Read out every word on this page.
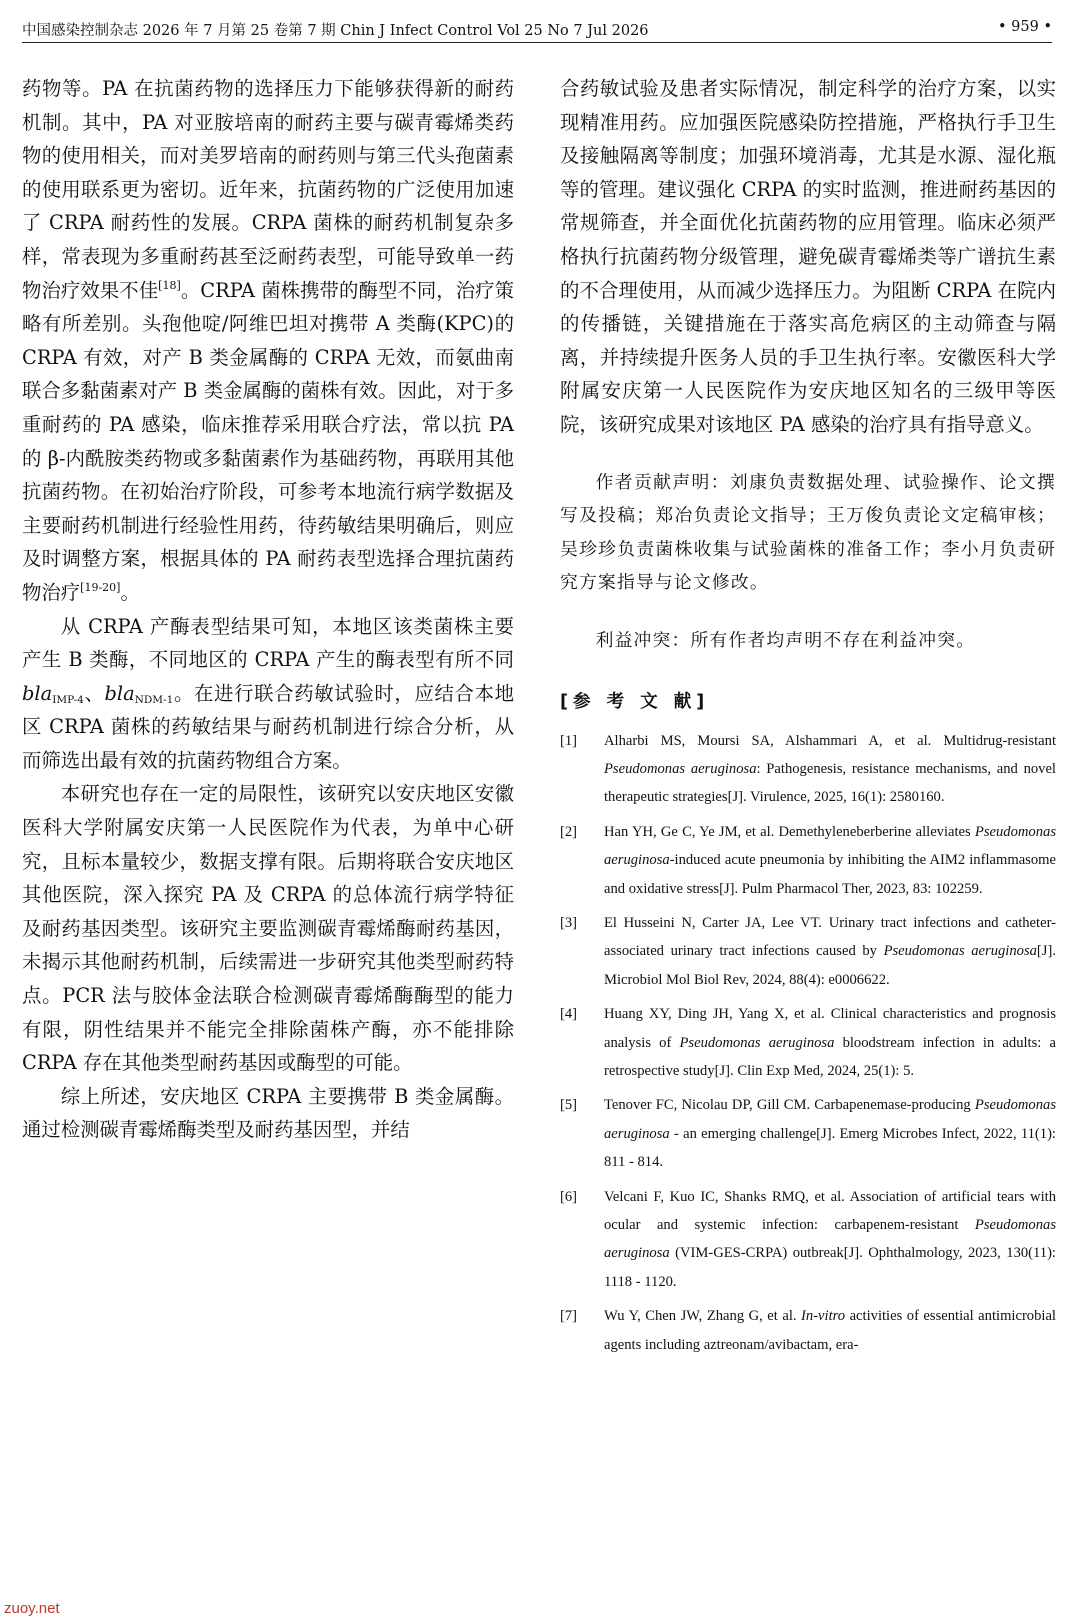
中国感染控制杂志 2026 年 7 月第 25 卷第 7 期 Chin J Infect Control Vol 25 No 7 Jul 2026	• 959 •

药物等。PA 在抗菌药物的选择压力下能够获得新的耐药机制。其中，PA 对亚胺培南的耐药主要与碳青霉烯类药物的使用相关，而对美罗培南的耐药则与第三代头孢菌素的使用联系更为密切。近年来，抗菌药物的广泛使用加速了 CRPA 耐药性的发展。CRPA 菌株的耐药机制复杂多样，常表现为多重耐药甚至泛耐药表型，可能导致单一药物治疗效果不佳[18]。CRPA 菌株携带的酶型不同，治疗策略有所差别。头孢他啶/阿维巴坦对携带 A 类酶(KPC)的 CRPA 有效，对产 B 类金属酶的 CRPA 无效，而氨曲南联合多黏菌素对产 B 类金属酶的菌株有效。因此，对于多重耐药的 PA 感染，临床推荐采用联合疗法，常以抗 PA 的 β-内酰胺类药物或多黏菌素作为基础药物，再联用其他抗菌药物。在初始治疗阶段，可参考本地流行病学数据及主要耐药机制进行经验性用药，待药敏结果明确后，则应及时调整方案，根据具体的 PA 耐药表型选择合理抗菌药物治疗[19-20]。

从 CRPA 产酶表型结果可知，本地区该类菌株主要产生 B 类酶，不同地区的 CRPA 产生的酶表型有所不同bla$_{IMP-4}$、bla$_{NDM-1}$。在进行联合药敏试验时，应结合本地区 CRPA 菌株的药敏结果与耐药机制进行综合分析，从而筛选出最有效的抗菌药物组合方案。

本研究也存在一定的局限性，该研究以安庆地区安徽医科大学附属安庆第一人民医院作为代表，为单中心研究，且标本量较少，数据支撑有限。后期将联合安庆地区其他医院，深入探究 PA 及 CRPA 的总体流行病学特征及耐药基因类型。该研究主要监测碳青霉烯酶耐药基因，未揭示其他耐药机制，后续需进一步研究其他类型耐药特点。PCR 法与胶体金法联合检测碳青霉烯酶酶型的能力有限，阴性结果并不能完全排除菌株产酶，亦不能排除 CRPA 存在其他类型耐药基因或酶型的可能。

综上所述，安庆地区 CRPA 主要携带 B 类金属酶。通过检测碳青霉烯酶类型及耐药基因型，并结

合药敏试验及患者实际情况，制定科学的治疗方案，以实现精准用药。应加强医院感染防控措施，严格执行手卫生及接触隔离等制度；加强环境消毒，尤其是水源、湿化瓶等的管理。建议强化 CRPA 的实时监测，推进耐药基因的常规筛查，并全面优化抗菌药物的应用管理。临床必须严格执行抗菌药物分级管理，避免碳青霉烯类等广谱抗生素的不合理使用，从而减少选择压力。为阻断 CRPA 在院内的传播链，关键措施在于落实高危病区的主动筛查与隔离，并持续提升医务人员的手卫生执行率。安徽医科大学附属安庆第一人民医院作为安庆地区知名的三级甲等医院，该研究成果对该地区 PA 感染的治疗具有指导意义。

作者贡献声明：刘康负责数据处理、试验操作、论文撰写及投稿；郑冶负责论文指导；王万俊负责论文定稿审核；吴珍珍负责菌株收集与试验菌株的准备工作；李小月负责研究方案指导与论文修改。

利益冲突：所有作者均声明不存在利益冲突。

[参 考 文 献]
[1] Alharbi MS, Moursi SA, Alshammari A, et al. Multidrug-resistant Pseudomonas aeruginosa: Pathogenesis, resistance mechanisms, and novel therapeutic strategies[J]. Virulence, 2025, 16(1): 2580160.
[2] Han YH, Ge C, Ye JM, et al. Demethyleneberberine alleviates Pseudomonas aeruginosa-induced acute pneumonia by inhibiting the AIM2 inflammasome and oxidative stress[J]. Pulm Pharmacol Ther, 2023, 83: 102259.
[3] El Husseini N, Carter JA, Lee VT. Urinary tract infections and catheter-associated urinary tract infections caused by Pseudomonas aeruginosa[J]. Microbiol Mol Biol Rev, 2024, 88(4): e0006622.
[4] Huang XY, Ding JH, Yang X, et al. Clinical characteristics and prognosis analysis of Pseudomonas aeruginosa bloodstream infection in adults: a retrospective study[J]. Clin Exp Med, 2024, 25(1): 5.
[5] Tenover FC, Nicolau DP, Gill CM. Carbapenemase-producing Pseudomonas aeruginosa - an emerging challenge[J]. Emerg Microbes Infect, 2022, 11(1): 811 - 814.
[6] Velcani F, Kuo IC, Shanks RMQ, et al. Association of artificial tears with ocular and systemic infection: carbapenem-resistant Pseudomonas aeruginosa (VIM-GES-CRPA) outbreak[J]. Ophthalmology, 2023, 130(11): 1118 - 1120.
[7] Wu Y, Chen JW, Zhang G, et al. In-vitro activities of essential antimicrobial agents including aztreonam/avibactam, era-
zuoy.net
